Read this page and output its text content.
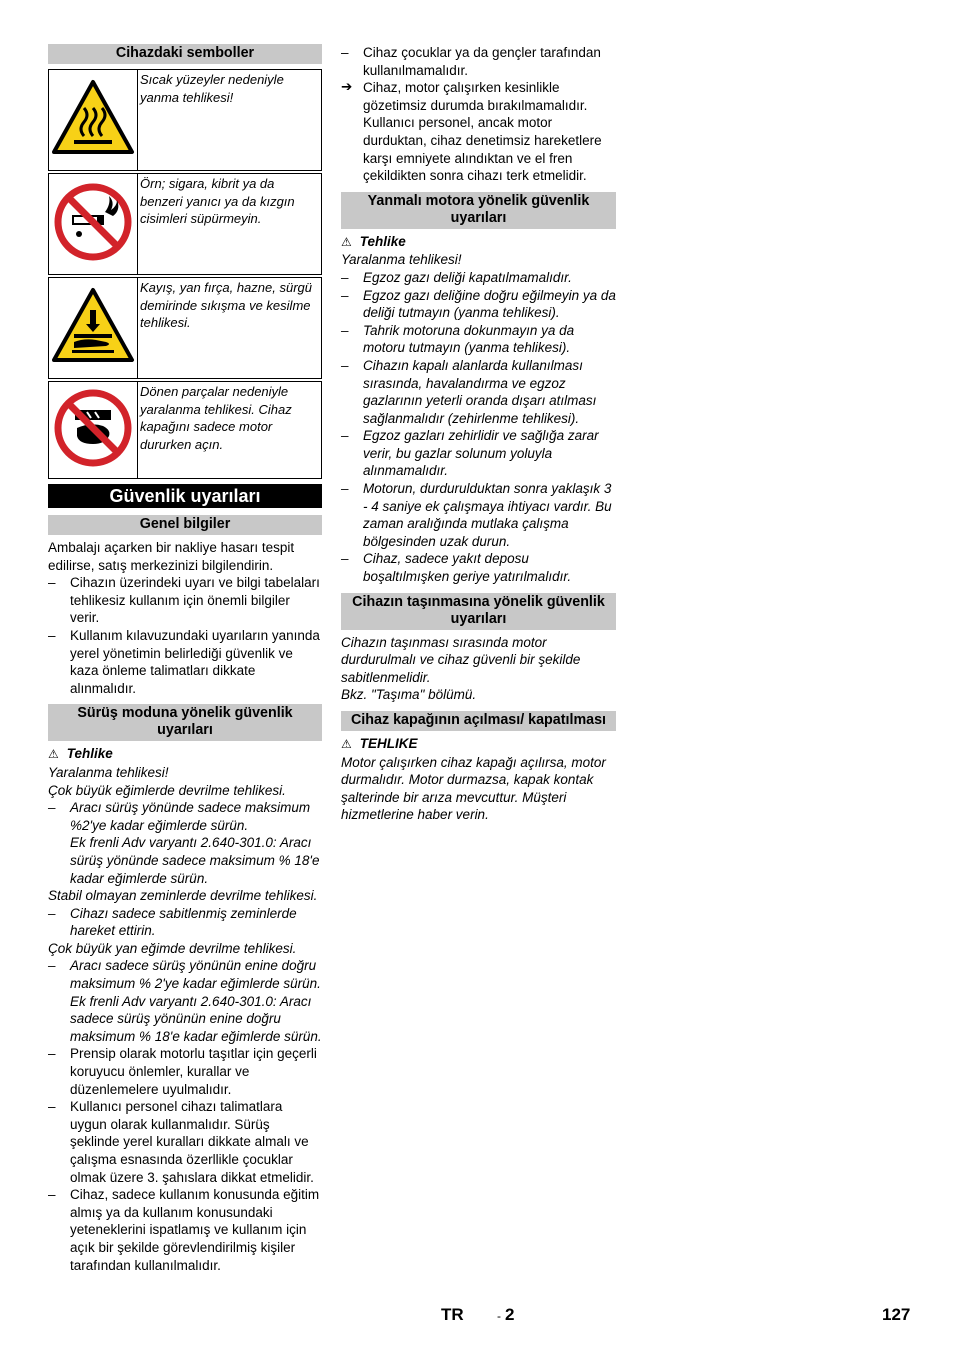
Cihazdaki semboller
	Sıcak yüzeyler nedeniyle yanma tehlikesi!

	Örn; sigara, kibrit ya da benzeri yanıcı ya da kızgın cisimleri süpürmeyin.

	Kayış, yan fırça, hazne, sürgü demirinde sıkışma ve kesilme tehlikesi.

	Dönen parçalar nedeniyle yaralanma tehlikesi. Cihaz kapağını sadece motor dururken açın.
Güvenlik uyarıları
Genel bilgiler

Ambalajı açarken bir nakliye hasarı tespit edilirse, satış merkezinizi bilgilendirin.

–	Cihazın üzerindeki uyarı ve bilgi tabelaları tehlikesiz kullanım için önemli bilgiler verir.
–	Kullanım kılavuzundaki uyarıların yanında yerel yönetimin belirlediği güvenlik ve kaza önleme talimatları dikkate alınmalıdır.
Sürüş moduna yönelik güvenlik uyarıları
⚠ Tehlike

Yaralanma tehlikesi!

Çok büyük eğimlerde devrilme tehlikesi.

–	Aracı sürüş yönünde sadece maksimum %2'ye kadar eğimlerde sürün.
Ek frenli Adv varyantı 2.640-301.0: Aracı sürüş yönünde sadece maksimum % 18'e kadar eğimlerde sürün.

Stabil olmayan zeminlerde devrilme tehlikesi.

–	Cihazı sadece sabitlenmiş zeminlerde hareket ettirin.

Çok büyük yan eğimde devrilme tehlikesi.

–	Aracı sadece sürüş yönünün enine doğru maksimum % 2'ye kadar eğimlerde sürün.
Ek frenli Adv varyantı 2.640-301.0: Aracı sadece sürüş yönünün enine doğru maksimum % 18'e kadar eğimlerde sürün.
–	Prensip olarak motorlu taşıtlar için geçerli koruyucu önlemler, kurallar ve düzenlemelere uyulmalıdır.
–	Kullanıcı personel cihazı talimatlara uygun olarak kullanmalıdır. Sürüş şeklinde yerel kuralları dikkate almalı ve çalışma esnasında özerllikle çocuklar olmak üzere 3. şahıslara dikkat etmelidir.
–	Cihaz, sadece kullanım konusunda eğitim almış ya da kullanım konusundaki yeteneklerini ispatlamış ve kullanım için açık bir şekilde görevlendirilmiş kişiler tarafından kullanılmalıdır.
–	Cihaz çocuklar ya da gençler tarafından kullanılmamalıdır.
➔ Cihaz, motor çalışırken kesinlikle gözetimsiz durumda bırakılmamalıdır. Kullanıcı personel, ancak motor durduktan, cihaz denetimsiz hareketlere karşı emniyete alındıktan ve el fren çekildikten sonra cihazı terk etmelidir.
Yanmalı motora yönelik güvenlik uyarıları
⚠ Tehlike

Yaralanma tehlikesi!

–	Egzoz gazı deliği kapatılmamalıdır.
–	Egzoz gazı deliğine doğru eğilmeyin ya da deliği tutmayın (yanma tehlikesi).
–	Tahrik motoruna dokunmayın ya da motoru tutmayın (yanma tehlikesi).
–	Cihazın kapalı alanlarda kullanılması sırasında, havalandırma ve egzoz gazlarının yeterli oranda dışarı atılması sağlanmalıdır (zehirlenme tehlikesi).
–	Egzoz gazları zehirlidir ve sağlığa zarar verir, bu gazlar solunum yoluyla alınmamalıdır.
–	Motorun, durdurulduktan sonra yaklaşık 3 - 4 saniye ek çalışmaya ihtiyacı vardır. Bu zaman aralığında mutlaka çalışma bölgesinden uzak durun.
–	Cihaz, sadece yakıt deposu boşaltılmışken geriye yatırılmalıdır.
Cihazın taşınmasına yönelik güvenlik uyarıları

Cihazın taşınması sırasında motor durdurulmalı ve cihaz güvenli bir şekilde sabitlenmelidir.

Bkz. "Taşıma" bölümü.

Cihaz kapağının açılması/ kapatılması
⚠ TEHLIKE

Motor çalışırken cihaz kapağı açılırsa, motor durmalıdır. Motor durmazsa, kapak kontak şalterinde bir arıza mevcuttur. Müşteri hizmetlerine haber verin.

TR	- 2	127
